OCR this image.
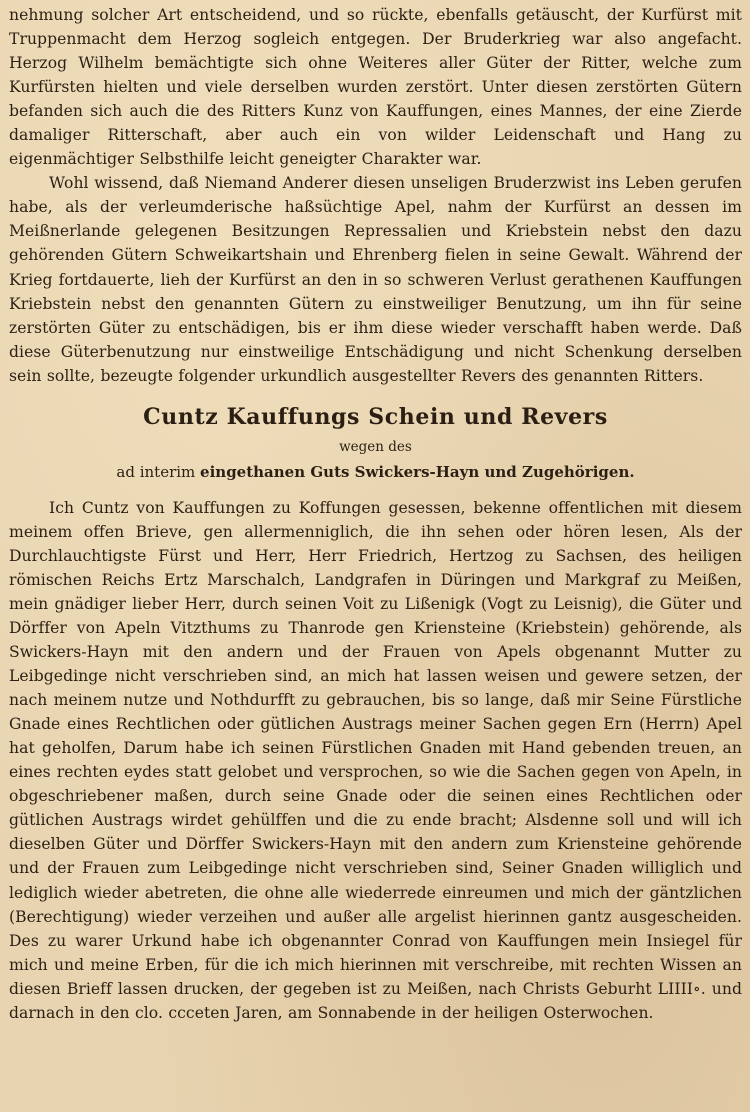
nehmung solcher Art entscheidend, und so rückte, ebenfalls getäuscht, der Kurfürst mit Truppenmacht dem Herzog sogleich entgegen. Der Bruderkrieg war also angefacht. Herzog Wilhelm bemächtigte sich ohne Weiteres aller Güter der Ritter, welche zum Kurfürsten hielten und viele derselben wurden zerstört. Unter diesen zerstörten Gütern befanden sich auch die des Ritters Kunz von Kauffungen, eines Mannes, der eine Zierde damaliger Ritterschaft, aber auch ein von wilder Leidenschaft und Hang zu eigenmächtiger Selbsthilfe leicht geneigter Charakter war.

Wohl wissend, daß Niemand Anderer diesen unseligen Bruderzwist ins Leben gerufen habe, als der verleumderische haßsüchtige Apel, nahm der Kurfürst an dessen im Meißnerlande gelegenen Besitzungen Repressalien und Kriebstein nebst den dazu gehörenden Gütern Schweikartshain und Ehrenberg fielen in seine Gewalt. Während der Krieg fortdauerte, lieh der Kurfürst an den in so schweren Verlust gerathenen Kauffungen Kriebstein nebst den genannten Gütern zu einstweiliger Benutzung, um ihn für seine zerstörten Güter zu entschädigen, bis er ihm diese wieder verschafft haben werde. Daß diese Güterbenutzung nur einstweilige Entschädigung und nicht Schenkung derselben sein sollte, bezeugte folgender urkundlich ausgestellter Revers des genannten Ritters.

Cuntz Kauffungs Schein und Revers

wegen des

ad interim eingethanen Guts Swickers-Hayn und Zugehörigen.

Ich Cuntz von Kauffungen zu Koffungen gesessen, bekenne offentlichen mit diesem meinem offen Brieve, gen allermenniglich, die ihn sehen oder hören lesen, Als der Durchlauchtigste Fürst und Herr, Herr Friedrich, Hertzog zu Sachsen, des heiligen römischen Reichs Ertz Marschalch, Landgrafen in Düringen und Markgraf zu Meißen, mein gnädiger lieber Herr, durch seinen Voit zu Lißenigk (Vogt zu Leisnig), die Güter und Dörffer von Apeln Vitzthums zu Thanrode gen Kriensteine (Kriebstein) gehörende, als Swickers-Hayn mit den andern und der Frauen von Apels obgenannt Mutter zu Leibgedinge nicht verschrieben sind, an mich hat lassen weisen und gewere setzen, der nach meinem nutze und Nothdurfft zu gebrauchen, bis so lange, daß mir Seine Fürstliche Gnade eines Rechtlichen oder gütlichen Austrags meiner Sachen gegen Ern (Herrn) Apel hat geholfen, Darum habe ich seinen Fürstlichen Gnaden mit Hand gebenden treuen, an eines rechten eydes statt gelobet und versprochen, so wie die Sachen gegen von Apeln, in obgeschriebener maßen, durch seine Gnade oder die seinen eines Rechtlichen oder gütlichen Austrags wirdet gehülffen und die zu ende bracht; Alsdenne soll und will ich dieselben Güter und Dörffer Swickers-Hayn mit den andern zum Kriensteine gehörende und der Frauen zum Leibgedinge nicht verschrieben sind, Seiner Gnaden williglich und lediglich wieder abetreten, die ohne alle wiederrede einreumen und mich der gäntzlichen (Berechtigung) wieder verzeihen und außer alle argelist hierinnen gantz ausgescheiden. Des zu warer Urkund habe ich obgenannter Conrad von Kauffungen mein Insiegel für mich und meine Erben, für die ich mich hierinnen mit verschreibe, mit rechten Wissen an diesen Brieff lassen drucken, der gegeben ist zu Meißen, nach Christs Geburht LIIII∘. und darnach in den clo. ccceten Jaren, am Sonnabende in der heiligen Osterwochen.
